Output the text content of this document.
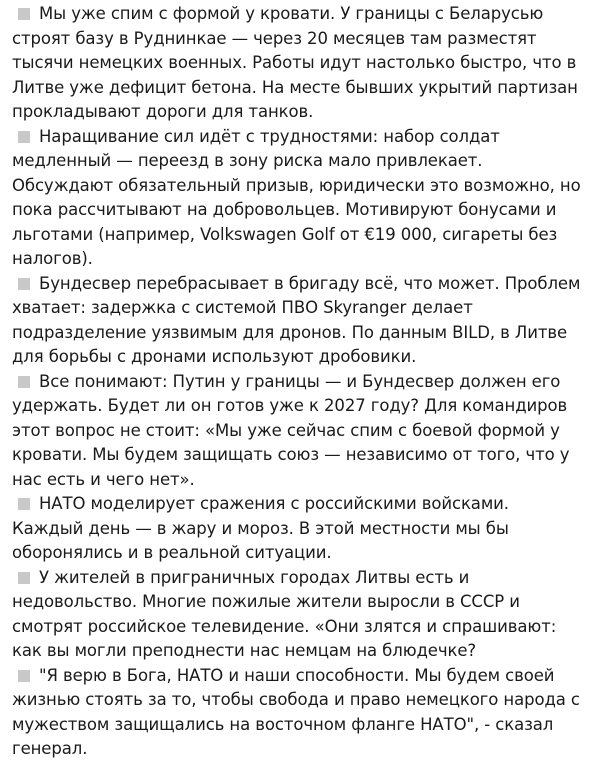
Мы уже спим с формой у кровати. У границы с Беларусью строят базу в Руднинкае — через 20 месяцев там разместят тысячи немецких военных. Работы идут настолько быстро, что в Литве уже дефицит бетона. На месте бывших укрытий партизан прокладывают дороги для танков.

Наращивание сил идёт с трудностями: набор солдат медленный — переезд в зону риска мало привлекает. Обсуждают обязательный призыв, юридически это возможно, но пока рассчитывают на добровольцев. Мотивируют бонусами и льготами (например, Volkswagen Golf от €19 000, сигареты без налогов).

Бундесвер перебрасывает в бригаду всё, что может. Проблем хватает: задержка с системой ПВО Skyranger делает подразделение уязвимым для дронов. По данным BILD, в Литве для борьбы с дронами используют дробовики.

Все понимают: Путин у границы — и Бундесвер должен его удержать. Будет ли он готов уже к 2027 году? Для командиров этот вопрос не стоит: «Мы уже сейчас спим с боевой формой у кровати. Мы будем защищать союз — независимо от того, что у нас есть и чего нет».

НАТО моделирует сражения с российскими войсками. Каждый день — в жару и мороз. В этой местности мы бы оборонялись и в реальной ситуации.

У жителей в приграничных городах Литвы есть и недовольство. Многие пожилые жители выросли в СССР и смотрят российское телевидение. «Они злятся и спрашивают: как вы могли преподнести нас немцам на блюдечке?

"Я верю в Бога, НАТО и наши способности. Мы будем своей жизнью стоять за то, чтобы свобода и право немецкого народа с мужеством защищались на восточном фланге НАТО", - сказал генерал.
